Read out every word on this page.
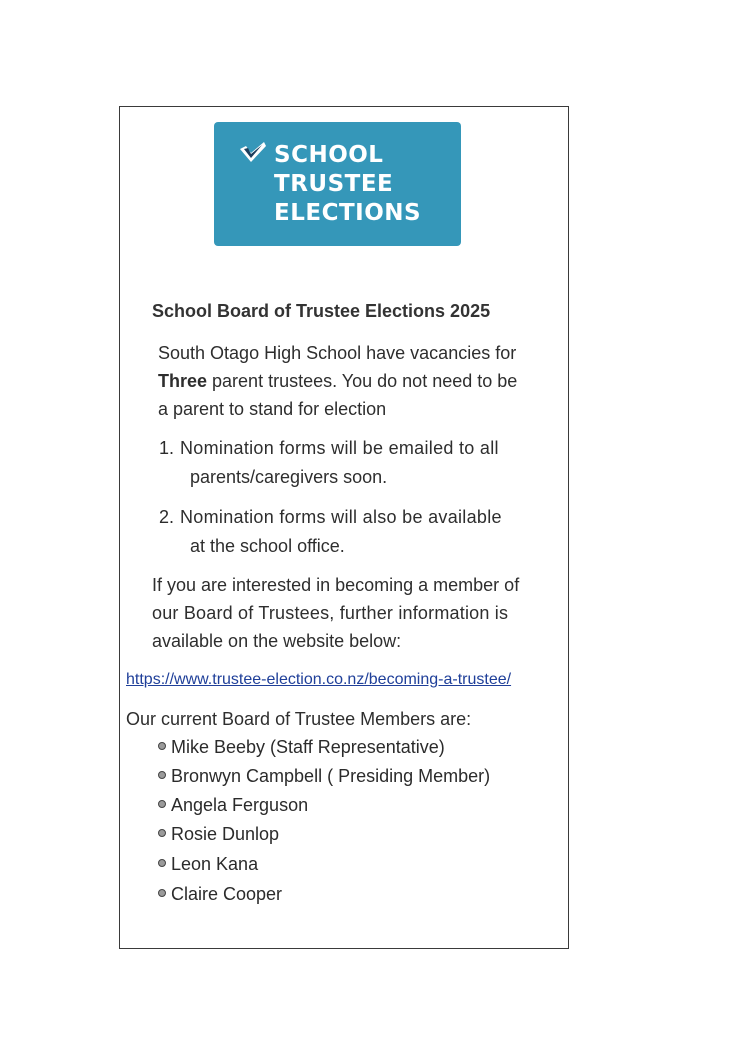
SCHOOL
TRUSTEE
ELECTIONS
School Board of Trustee Elections 2025
South Otago High School have vacancies for
Three parent trustees. You do not need to be
a parent to stand for election
1. Nomination forms will be emailed to all
parents/caregivers soon.
2. Nomination forms will also be available
at the school office.
If you are interested in becoming a member of
our Board of Trustees, further information is
available on the website below:
https://www.trustee-election.co.nz/becoming-a-trustee/
Our current Board of Trustee Members are:
Mike Beeby (Staff Representative)
Bronwyn Campbell ( Presiding Member)
Angela Ferguson
Rosie Dunlop
Leon Kana
Claire Cooper
